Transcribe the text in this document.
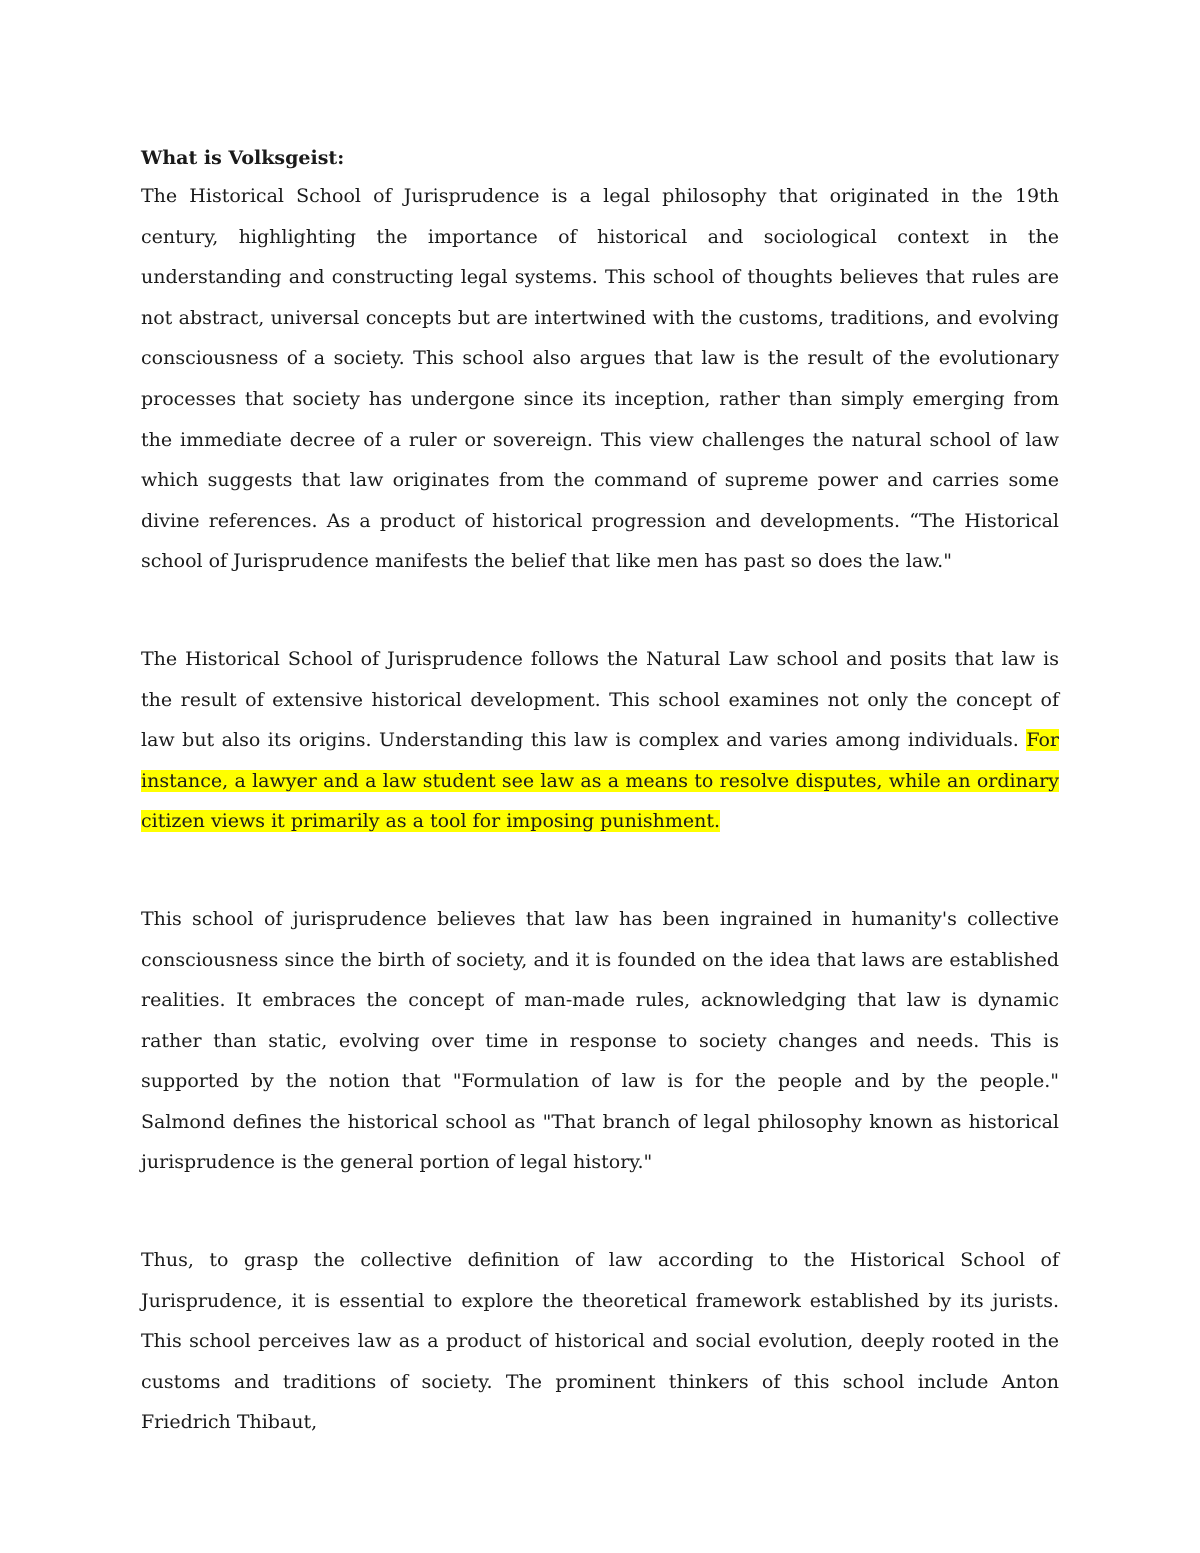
What is Volksgeist:

The Historical School of Jurisprudence is a legal philosophy that originated in the 19th century, highlighting the importance of historical and sociological context in the understanding and constructing legal systems. This school of thoughts believes that rules are not abstract, universal concepts but are intertwined with the customs, traditions, and evolving consciousness of a society. This school also argues that law is the result of the evolutionary processes that society has undergone since its inception, rather than simply emerging from the immediate decree of a ruler or sovereign. This view challenges the natural school of law which suggests that law originates from the command of supreme power and carries some divine references. As a product of historical progression and developments. “The Historical school of Jurisprudence manifests the belief that like men has past so does the law."

The Historical School of Jurisprudence follows the Natural Law school and posits that law is the result of extensive historical development. This school examines not only the concept of law but also its origins. Understanding this law is complex and varies among individuals. For instance, a lawyer and a law student see law as a means to resolve disputes, while an ordinary citizen views it primarily as a tool for imposing punishment.

This school of jurisprudence believes that law has been ingrained in humanity's collective consciousness since the birth of society, and it is founded on the idea that laws are established realities. It embraces the concept of man-made rules, acknowledging that law is dynamic rather than static, evolving over time in response to society changes and needs. This is supported by the notion that "Formulation of law is for the people and by the people." Salmond defines the historical school as "That branch of legal philosophy known as historical jurisprudence is the general portion of legal history."

Thus, to grasp the collective definition of law according to the Historical School of Jurisprudence, it is essential to explore the theoretical framework established by its jurists. This school perceives law as a product of historical and social evolution, deeply rooted in the customs and traditions of society. The prominent thinkers of this school include Anton Friedrich Thibaut,
